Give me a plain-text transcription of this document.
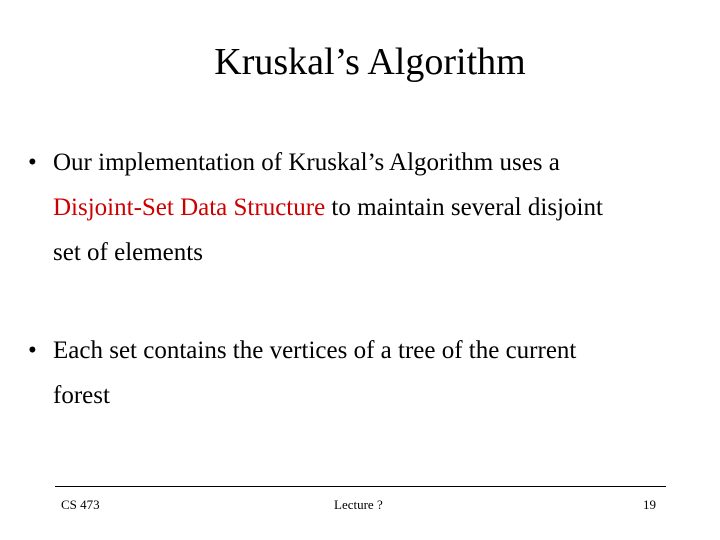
Kruskal’s Algorithm
• Our implementation of Kruskal’s Algorithm uses a
Disjoint-Set Data Structure to maintain several disjoint
set of elements
• Each set contains the vertices of a tree of the current
forest
CS 473	Lecture ?	19
